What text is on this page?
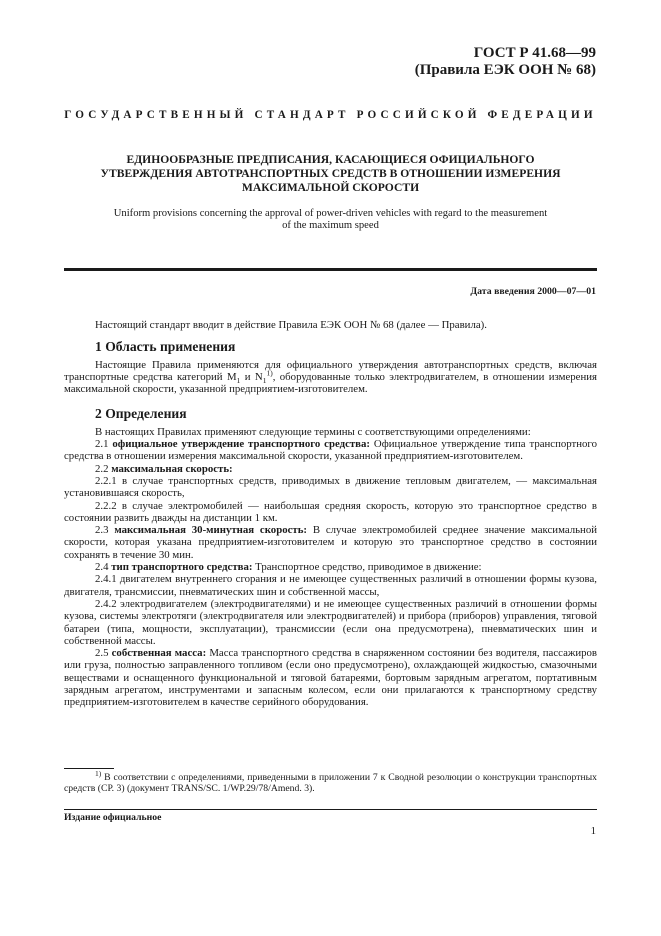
ГОСТ Р 41.68—99
(Правила ЕЭК ООН № 68)
ГОСУДАРСТВЕННЫЙ СТАНДАРТ РОССИЙСКОЙ ФЕДЕРАЦИИ
ЕДИНООБРАЗНЫЕ ПРЕДПИСАНИЯ, КАСАЮЩИЕСЯ ОФИЦИАЛЬНОГО
УТВЕРЖДЕНИЯ АВТОТРАНСПОРТНЫХ СРЕДСТВ В ОТНОШЕНИИ ИЗМЕРЕНИЯ
МАКСИМАЛЬНОЙ СКОРОСТИ
Uniform provisions concerning the approval of power-driven vehicles with regard to the measurement
of the maximum speed
Дата введения 2000—07—01

Настоящий стандарт вводит в действие Правила ЕЭК ООН № 68 (далее — Правила).

1 Область применения

Настоящие Правила применяются для официального утверждения автотранспортных средств, включая транспортные средства категорий $M_1$ и $N_1^{1)}$, оборудованные только электродвигателем, в отношении измерения максимальной скорости, указанной предприятием-изготовителем.

2 Определения

В настоящих Правилах применяют следующие термины с соответствующими определениями:

2.1 официальное утверждение транспортного средства: Официальное утверждение типа транспортного средства в отношении измерения максимальной скорости, указанной предприятием-изготовителем.

2.2 максимальная скорость:

2.2.1 в случае транспортных средств, приводимых в движение тепловым двигателем, — максимальная установившаяся скорость,

2.2.2 в случае электромобилей — наибольшая средняя скорость, которую это транспортное средство в состоянии развить дважды на дистанции 1 км.

2.3 максимальная 30-минутная скорость: В случае электромобилей среднее значение максимальной скорости, которая указана предприятием-изготовителем и которую это транспортное средство в состоянии сохранять в течение 30 мин.

2.4 тип транспортного средства: Транспортное средство, приводимое в движение:

2.4.1 двигателем внутреннего сгорания и не имеющее существенных различий в отношении формы кузова, двигателя, трансмиссии, пневматических шин и собственной массы,

2.4.2 электродвигателем (электродвигателями) и не имеющее существенных различий в отношении формы кузова, системы электротяги (электродвигателя или электродвигателей) и прибора (приборов) управления, тяговой батареи (типа, мощности, эксплуатации), трансмиссии (если она предусмотрена), пневматических шин и собственной массы.

2.5 собственная масса: Масса транспортного средства в снаряженном состоянии без водителя, пассажиров или груза, полностью заправленного топливом (если оно предусмотрено), охлаждающей жидкостью, смазочными веществами и оснащенного функциональной и тяговой батареями, бортовым зарядным агрегатом, портативным зарядным агрегатом, инструментами и запасным колесом, если они прилагаются к транспортному средству предприятием-изготовителем в качестве серийного оборудования.

$^{1)}$ В соответствии с определениями, приведенными в приложении 7 к Сводной резолюции о конструкции транспортных средств (СР. 3) (документ TRANS/SC. 1/WP.29/78/Amend. 3).
Издание официальное
1
